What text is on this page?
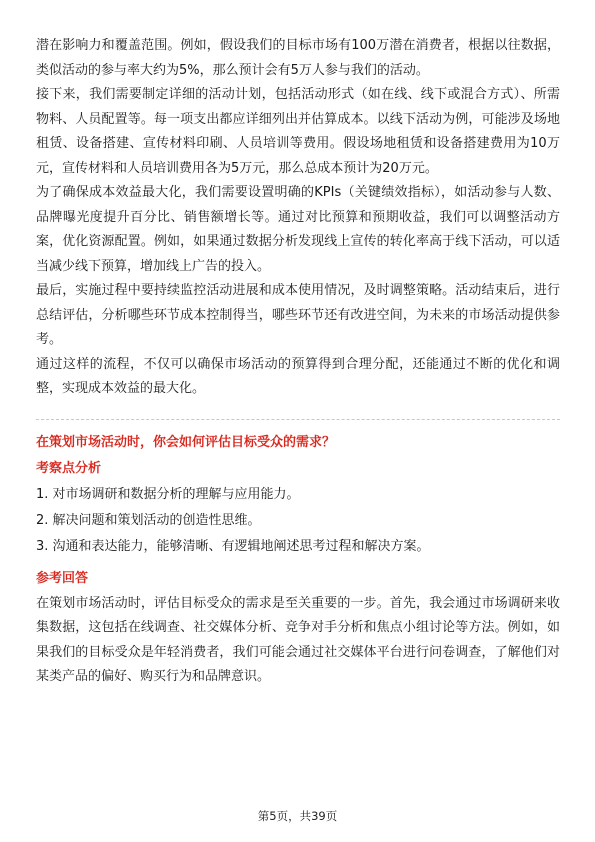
潜在影响力和覆盖范围。例如，假设我们的目标市场有100万潜在消费者，根据以往数据，类似活动的参与率大约为5%，那么预计会有5万人参与我们的活动。

接下来，我们需要制定详细的活动计划，包括活动形式（如在线、线下或混合方式）、所需物料、人员配置等。每一项支出都应详细列出并估算成本。以线下活动为例，可能涉及场地租赁、设备搭建、宣传材料印刷、人员培训等费用。假设场地租赁和设备搭建费用为10万元，宣传材料和人员培训费用各为5万元，那么总成本预计为20万元。

为了确保成本效益最大化，我们需要设置明确的KPIs（关键绩效指标），如活动参与人数、品牌曝光度提升百分比、销售额增长等。通过对比预算和预期收益，我们可以调整活动方案，优化资源配置。例如，如果通过数据分析发现线上宣传的转化率高于线下活动，可以适当减少线下预算，增加线上广告的投入。

最后，实施过程中要持续监控活动进展和成本使用情况，及时调整策略。活动结束后，进行总结评估，分析哪些环节成本控制得当，哪些环节还有改进空间，为未来的市场活动提供参考。

通过这样的流程，不仅可以确保市场活动的预算得到合理分配，还能通过不断的优化和调整，实现成本效益的最大化。

在策划市场活动时，你会如何评估目标受众的需求？

考察点分析

1. 对市场调研和数据分析的理解与应用能力。

2. 解决问题和策划活动的创造性思维。

3. 沟通和表达能力，能够清晰、有逻辑地阐述思考过程和解决方案。

参考回答

在策划市场活动时，评估目标受众的需求是至关重要的一步。首先，我会通过市场调研来收集数据，这包括在线调查、社交媒体分析、竞争对手分析和焦点小组讨论等方法。例如，如果我们的目标受众是年轻消费者，我们可能会通过社交媒体平台进行问卷调查，了解他们对某类产品的偏好、购买行为和品牌意识。

第5页，共39页
